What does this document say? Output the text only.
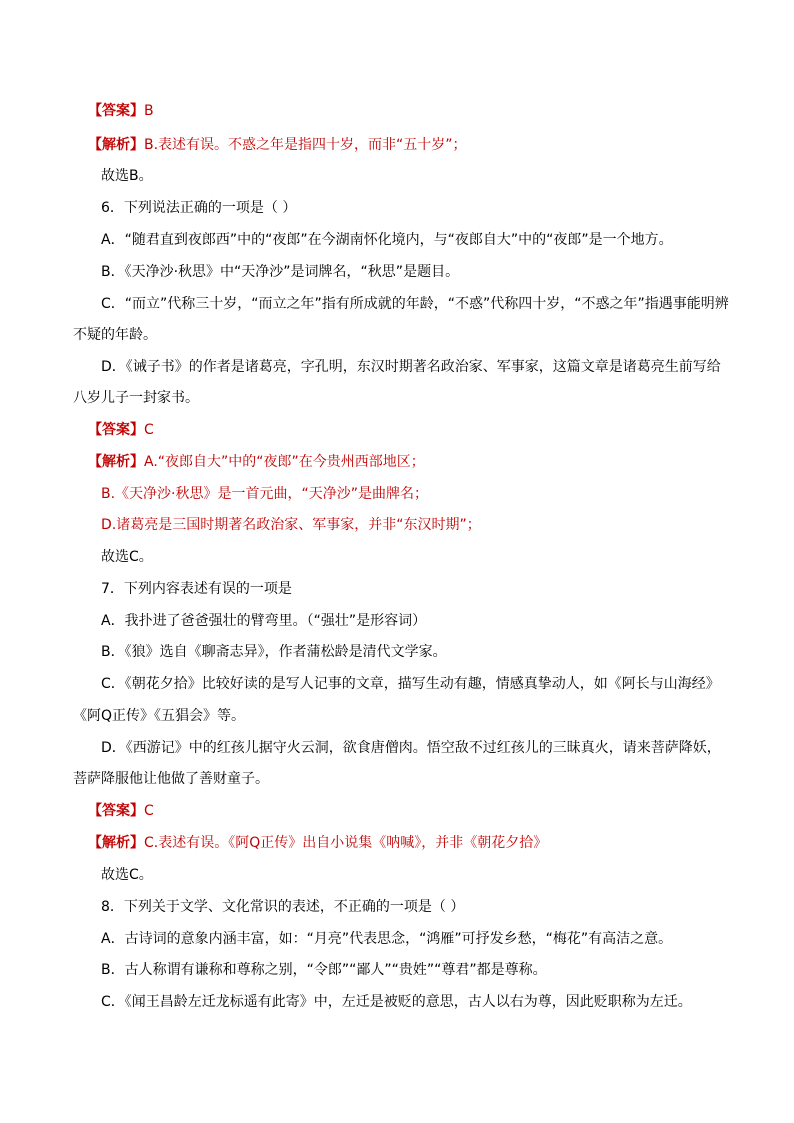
【答案】B
【解析】B.表述有误。不惑之年是指四十岁，而非“五十岁”；
故选B。
6．下列说法正确的一项是（ ）
A．“随君直到夜郎西”中的“夜郎”在今湖南怀化境内，与“夜郎自大”中的“夜郎”是一个地方。
B．《天净沙·秋思》中“天净沙”是词牌名，“秋思”是题目。
C．“而立”代称三十岁，“而立之年”指有所成就的年龄，“不惑”代称四十岁，“不惑之年”指遇事能明辨
不疑的年龄。
D．《诫子书》的作者是诸葛亮，字孔明，东汉时期著名政治家、军事家，这篇文章是诸葛亮生前写给
八岁儿子一封家书。
【答案】C
【解析】A.“夜郎自大”中的“夜郎”在今贵州西部地区；
B.《天净沙·秋思》是一首元曲，“天净沙”是曲牌名；
D.诸葛亮是三国时期著名政治家、军事家，并非“东汉时期”；
故选C。
7．下列内容表述有误的一项是
A．我扑进了爸爸强壮的臂弯里。（“强壮”是形容词）
B．《狼》选自《聊斋志异》，作者蒲松龄是清代文学家。
C．《朝花夕拾》比较好读的是写人记事的文章，描写生动有趣，情感真挚动人，如《阿长与山海经》
《阿Q正传》《五猖会》等。
D．《西游记》中的红孩儿据守火云洞，欲食唐僧肉。悟空敌不过红孩儿的三昧真火，请来菩萨降妖，
菩萨降服他让他做了善财童子。
【答案】C
【解析】C.表述有误。《阿Q正传》出自小说集《呐喊》，并非《朝花夕拾》
故选C。
8．下列关于文学、文化常识的表述，不正确的一项是（ ）
A．古诗词的意象内涵丰富，如：“月亮”代表思念，“鸿雁”可抒发乡愁，“梅花”有高洁之意。
B．古人称谓有谦称和尊称之别，“令郎”“鄙人”“贵姓”“尊君”都是尊称。
C．《闻王昌龄左迁龙标遥有此寄》中，左迁是被贬的意思，古人以右为尊，因此贬职称为左迁。
